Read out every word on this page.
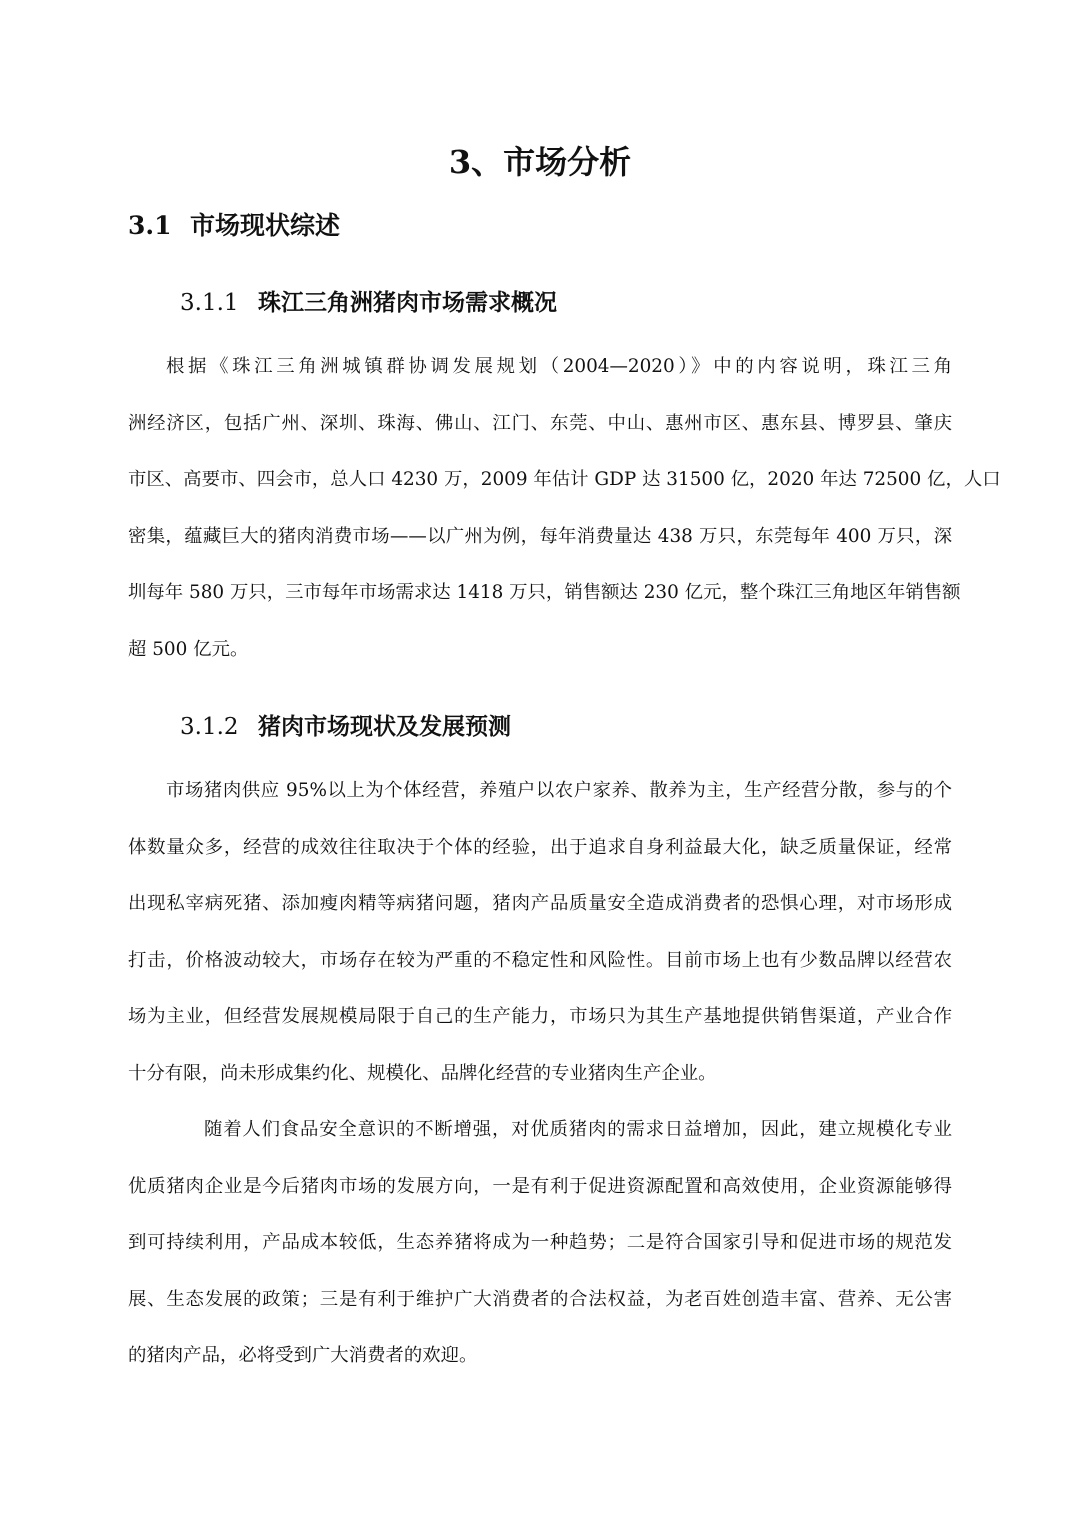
3、市场分析
3.1 市场现状综述
3.1.1 珠江三角洲猪肉市场需求概况
根据《珠江三角洲城镇群协调发展规划（2004—2020）》中的内容说明，珠江三角
洲经济区，包括广州、深圳、珠海、佛山、江门、东莞、中山、惠州市区、惠东县、博罗县、肇庆
市区、高要市、四会市，总人口 4230 万，2009 年估计 GDP 达 31500 亿，2020 年达 72500 亿，人口
密集，蕴藏巨大的猪肉消费市场——以广州为例，每年消费量达 438 万只，东莞每年 400 万只，深
圳每年 580 万只，三市每年市场需求达 1418 万只，销售额达 230 亿元，整个珠江三角地区年销售额
超 500 亿元。
3.1.2 猪肉市场现状及发展预测
市场猪肉供应 95%以上为个体经营，养殖户以农户家养、散养为主，生产经营分散，参与的个
体数量众多，经营的成效往往取决于个体的经验，出于追求自身利益最大化，缺乏质量保证，经常
出现私宰病死猪、添加瘦肉精等病猪问题，猪肉产品质量安全造成消费者的恐惧心理，对市场形成
打击，价格波动较大，市场存在较为严重的不稳定性和风险性。目前市场上也有少数品牌以经营农
场为主业，但经营发展规模局限于自己的生产能力，市场只为其生产基地提供销售渠道，产业合作
十分有限，尚未形成集约化、规模化、品牌化经营的专业猪肉生产企业。
随着人们食品安全意识的不断增强，对优质猪肉的需求日益增加，因此，建立规模化专业
优质猪肉企业是今后猪肉市场的发展方向，一是有利于促进资源配置和高效使用，企业资源能够得
到可持续利用，产品成本较低，生态养猪将成为一种趋势；二是符合国家引导和促进市场的规范发
展、生态发展的政策；三是有利于维护广大消费者的合法权益，为老百姓创造丰富、营养、无公害
的猪肉产品，必将受到广大消费者的欢迎。
